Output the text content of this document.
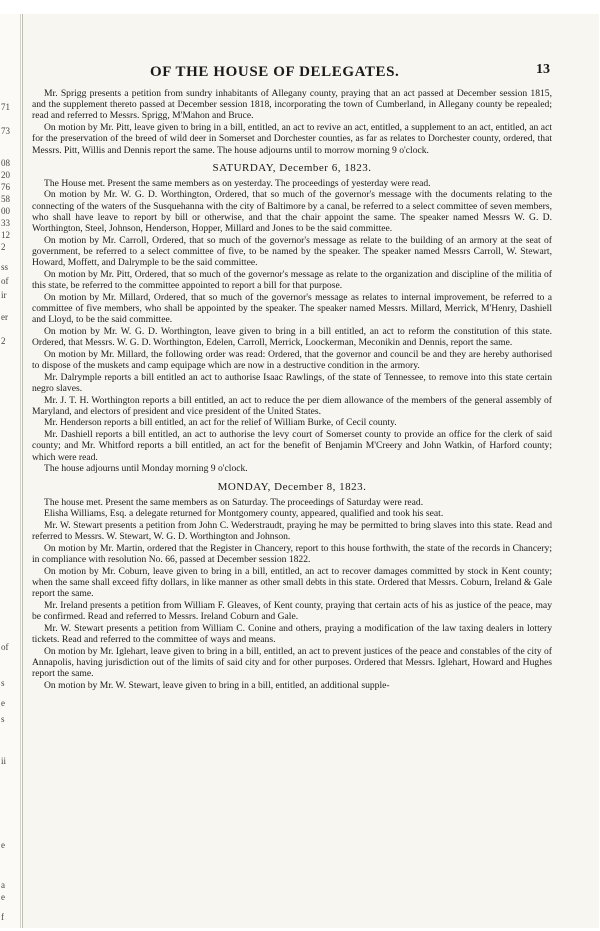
71
73
08
20
76
58
00
33
12
2
ss
of
ir
er
2
of
s
e
s
ii
e
a
e
f
OF THE HOUSE OF DELEGATES.	13

Mr. Sprigg presents a petition from sundry inhabitants of Allegany county, praying that an act passed at December session 1815, and the supplement thereto passed at December session 1818, incorporating the town of Cumberland, in Allegany county be repealed; read and referred to Messrs. Sprigg, M'Mahon and Bruce.

On motion by Mr. Pitt, leave given to bring in a bill, entitled, an act to revive an act, entitled, a supplement to an act, entitled, an act for the preservation of the breed of wild deer in Somerset and Dorchester counties, as far as relates to Dorchester county, ordered, that Messrs. Pitt, Willis and Dennis report the same. The house adjourns until to morrow morning 9 o'clock.

SATURDAY, December 6, 1823.

The House met. Present the same members as on yesterday. The proceedings of yesterday were read.

On motion by Mr. W. G. D. Worthington, Ordered, that so much of the governor's message with the documents relating to the connecting of the waters of the Susquehanna with the city of Baltimore by a canal, be referred to a select committee of seven members, who shall have leave to report by bill or otherwise, and that the chair appoint the same. The speaker named Messrs W. G. D. Worthington, Steel, Johnson, Henderson, Hopper, Millard and Jones to be the said committee.

On motion by Mr. Carroll, Ordered, that so much of the governor's message as relate to the building of an armory at the seat of government, be referred to a select committee of five, to be named by the speaker. The speaker named Messrs Carroll, W. Stewart, Howard, Moffett, and Dalrymple to be the said committee.

On motion by Mr. Pitt, Ordered, that so much of the governor's message as relate to the organization and discipline of the militia of this state, be referred to the committee appointed to report a bill for that purpose.

On motion by Mr. Millard, Ordered, that so much of the governor's message as relates to internal improvement, be referred to a committee of five members, who shall be appointed by the speaker. The speaker named Messrs. Millard, Merrick, M'Henry, Dashiell and Lloyd, to be the said committee.

On motion by Mr. W. G. D. Worthington, leave given to bring in a bill entitled, an act to reform the constitution of this state. Ordered, that Messrs. W. G. D. Worthington, Edelen, Carroll, Merrick, Loockerman, Meconikin and Dennis, report the same.

On motion by Mr. Millard, the following order was read: Ordered, that the governor and council be and they are hereby authorised to dispose of the muskets and camp equipage which are now in a destructive condition in the armory.

Mr. Dalrymple reports a bill entitled an act to authorise Isaac Rawlings, of the state of Tennessee, to remove into this state certain negro slaves.

Mr. J. T. H. Worthington reports a bill entitled, an act to reduce the per diem allowance of the members of the general assembly of Maryland, and electors of president and vice president of the United States.

Mr. Henderson reports a bill entitled, an act for the relief of William Burke, of Cecil county.

Mr. Dashiell reports a bill entitled, an act to authorise the levy court of Somerset county to provide an office for the clerk of said county; and Mr. Whitford reports a bill entitled, an act for the benefit of Benjamin M'Creery and John Watkin, of Harford county; which were read.

The house adjourns until Monday morning 9 o'clock.

MONDAY, December 8, 1823.

The house met. Present the same members as on Saturday. The proceedings of Saturday were read.

Elisha Williams, Esq. a delegate returned for Montgomery county, appeared, qualified and took his seat.

Mr. W. Stewart presents a petition from John C. Wederstraudt, praying he may be permitted to bring slaves into this state. Read and referred to Messrs. W. Stewart, W. G. D. Worthington and Johnson.

On motion by Mr. Martin, ordered that the Register in Chancery, report to this house forthwith, the state of the records in Chancery; in compliance with resolution No. 66, passed at December session 1822.

On motion by Mr. Coburn, leave given to bring in a bill, entitled, an act to recover damages committed by stock in Kent county; when the same shall exceed fifty dollars, in like manner as other small debts in this state. Ordered that Messrs. Coburn, Ireland & Gale report the same.

Mr. Ireland presents a petition from William F. Gleaves, of Kent county, praying that certain acts of his as justice of the peace, may be confirmed. Read and referred to Messrs. Ireland Coburn and Gale.

Mr. W. Stewart presents a petition from William C. Conine and others, praying a modification of the law taxing dealers in lottery tickets. Read and referred to the committee of ways and means.

On motion by Mr. Iglehart, leave given to bring in a bill, entitled, an act to prevent justices of the peace and constables of the city of Annapolis, having jurisdiction out of the limits of said city and for other purposes. Ordered that Messrs. Iglehart, Howard and Hughes report the same.

On motion by Mr. W. Stewart, leave given to bring in a bill, entitled, an additional supple-
